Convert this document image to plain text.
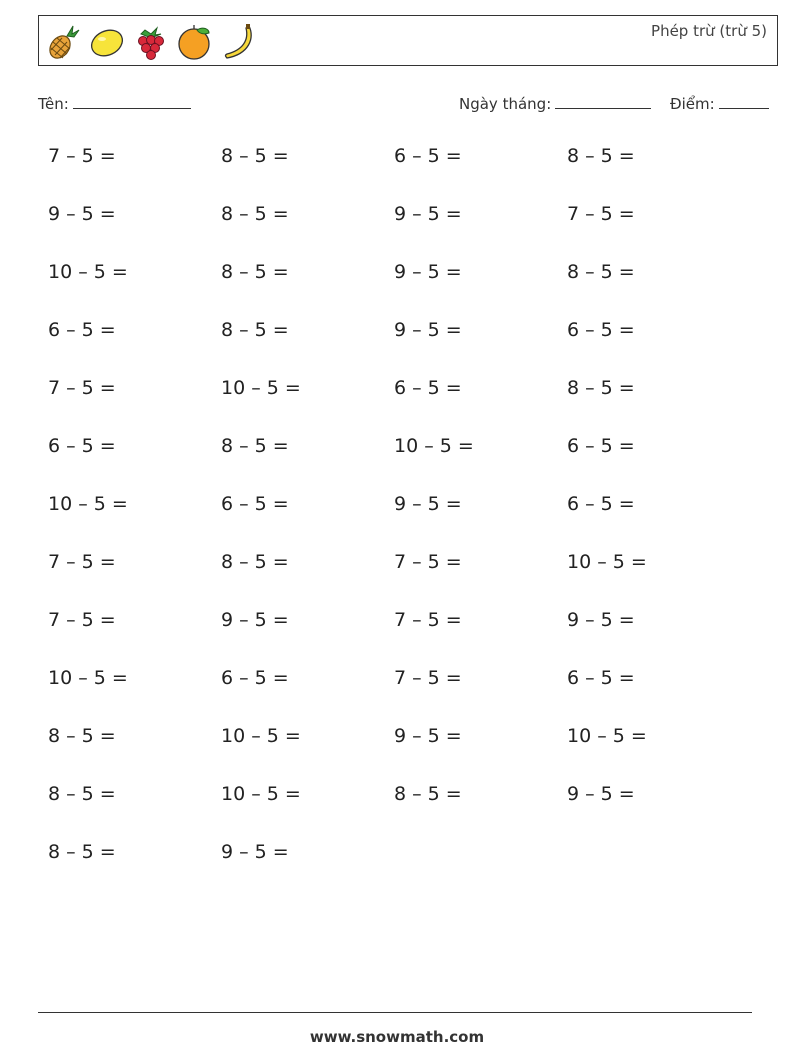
Phép trừ (trừ 5)
Tên:	Ngày tháng:	Điểm:
7 – 5 =	8 – 5 =	6 – 5 =	8 – 5 =
9 – 5 =	8 – 5 =	9 – 5 =	7 – 5 =
10 – 5 =	8 – 5 =	9 – 5 =	8 – 5 =
6 – 5 =	8 – 5 =	9 – 5 =	6 – 5 =
7 – 5 =	10 – 5 =	6 – 5 =	8 – 5 =
6 – 5 =	8 – 5 =	10 – 5 =	6 – 5 =
10 – 5 =	6 – 5 =	9 – 5 =	6 – 5 =
7 – 5 =	8 – 5 =	7 – 5 =	10 – 5 =
7 – 5 =	9 – 5 =	7 – 5 =	9 – 5 =
10 – 5 =	6 – 5 =	7 – 5 =	6 – 5 =
8 – 5 =	10 – 5 =	9 – 5 =	10 – 5 =
8 – 5 =	10 – 5 =	8 – 5 =	9 – 5 =
8 – 5 =	9 – 5 =
www.snowmath.com
